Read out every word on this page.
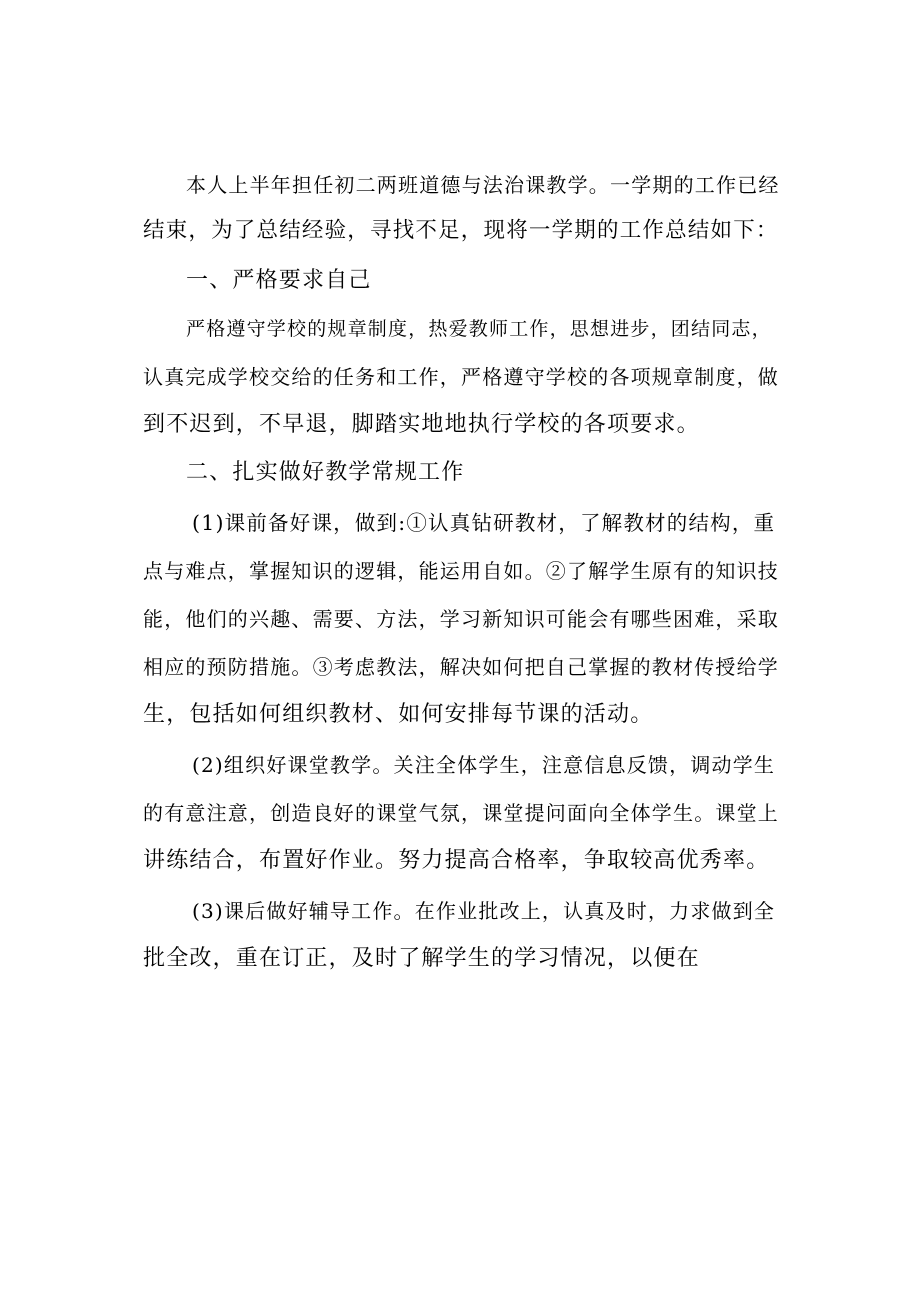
本人上半年担任初二两班道德与法治课教学。一学期的工作已经
结束，为了总结经验，寻找不足，现将一学期的工作总结如下：
一、严格要求自己
严格遵守学校的规章制度，热爱教师工作，思想进步，团结同志，
认真完成学校交给的任务和工作，严格遵守学校的各项规章制度，做
到不迟到，不早退，脚踏实地地执行学校的各项要求。
二、扎实做好教学常规工作
(1)课前备好课，做到:①认真钻研教材，了解教材的结构，重
点与难点，掌握知识的逻辑，能运用自如。②了解学生原有的知识技
能，他们的兴趣、需要、方法，学习新知识可能会有哪些困难，采取
相应的预防措施。③考虑教法，解决如何把自己掌握的教材传授给学
生，包括如何组织教材、如何安排每节课的活动。
(2)组织好课堂教学。关注全体学生，注意信息反馈，调动学生
的有意注意，创造良好的课堂气氛，课堂提问面向全体学生。课堂上
讲练结合，布置好作业。努力提高合格率，争取较高优秀率。
(3)课后做好辅导工作。在作业批改上，认真及时，力求做到全
批全改，重在订正，及时了解学生的学习情况，以便在
